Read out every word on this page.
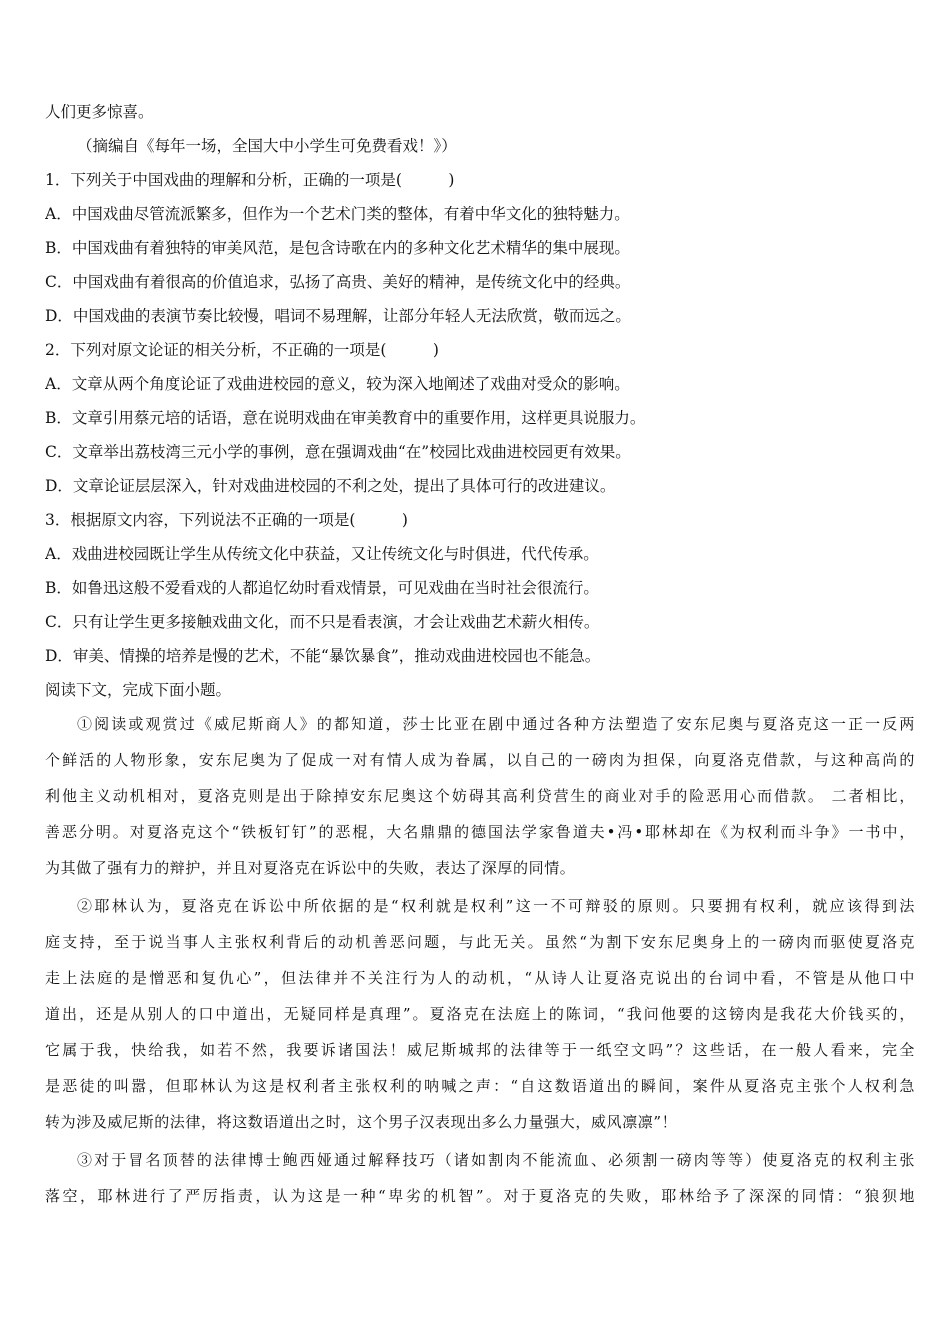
人们更多惊喜。
（摘编自《每年一场，全国大中小学生可免费看戏！》）
1．下列关于中国戏曲的理解和分析，正确的一项是(　　　)
A．中国戏曲尽管流派繁多，但作为一个艺术门类的整体，有着中华文化的独特魅力。
B．中国戏曲有着独特的审美风范，是包含诗歌在内的多种文化艺术精华的集中展现。
C．中国戏曲有着很高的价值追求，弘扬了高贵、美好的精神，是传统文化中的经典。
D．中国戏曲的表演节奏比较慢，唱词不易理解，让部分年轻人无法欣赏，敬而远之。
2．下列对原文论证的相关分析，不正确的一项是(　　　)
A．文章从两个角度论证了戏曲进校园的意义，较为深入地阐述了戏曲对受众的影响。
B．文章引用蔡元培的话语，意在说明戏曲在审美教育中的重要作用，这样更具说服力。
C．文章举出荔枝湾三元小学的事例，意在强调戏曲“在”校园比戏曲进校园更有效果。
D．文章论证层层深入，针对戏曲进校园的不利之处，提出了具体可行的改进建议。
3．根据原文内容，下列说法不正确的一项是(　　　)
A．戏曲进校园既让学生从传统文化中获益，又让传统文化与时俱进，代代传承。
B．如鲁迅这般不爱看戏的人都追忆幼时看戏情景，可见戏曲在当时社会很流行。
C．只有让学生更多接触戏曲文化，而不只是看表演，才会让戏曲艺术薪火相传。
D．审美、情操的培养是慢的艺术，不能“暴饮暴食”，推动戏曲进校园也不能急。
阅读下文，完成下面小题。
①阅读或观赏过《威尼斯商人》的都知道，莎士比亚在剧中通过各种方法塑造了安东尼奥与夏洛克这一正一反两
个鲜活的人物形象，安东尼奥为了促成一对有情人成为眷属，以自己的一磅肉为担保，向夏洛克借款，与这种高尚的
利他主义动机相对，夏洛克则是出于除掉安东尼奥这个妨碍其高利贷营生的商业对手的险恶用心而借款。 二者相比，
善恶分明。对夏洛克这个“铁板钉钉”的恶棍，大名鼎鼎的德国法学家鲁道夫•冯•耶林却在《为权利而斗争》一书中，
为其做了强有力的辩护，并且对夏洛克在诉讼中的失败，表达了深厚的同情。
②耶林认为，夏洛克在诉讼中所依据的是“权利就是权利”这一不可辩驳的原则。只要拥有权利，就应该得到法
庭支持，至于说当事人主张权利背后的动机善恶问题，与此无关。虽然“为割下安东尼奥身上的一磅肉而驱使夏洛克
走上法庭的是憎恶和复仇心”，但法律并不关注行为人的动机，“从诗人让夏洛克说出的台词中看，不管是从他口中
道出，还是从别人的口中道出，无疑同样是真理”。夏洛克在法庭上的陈词，“我问他要的这镑肉是我花大价钱买的，
它属于我，快给我，如若不然，我要诉诸国法！威尼斯城邦的法律等于一纸空文吗”？这些话，在一般人看来，完全
是恶徒的叫嚣，但耶林认为这是权利者主张权利的呐喊之声：“自这数语道出的瞬间，案件从夏洛克主张个人权利急
转为涉及威尼斯的法律，将这数语道出之时，这个男子汉表现出多么力量强大，威风凛凛”！
③对于冒名顶替的法律博士鲍西娅通过解释技巧（诸如割肉不能流血、必须割一磅肉等等）使夏洛克的权利主张
落空，耶林进行了严厉指责，认为这是一种“卑劣的机智”。对于夏洛克的失败，耶林给予了深深的同情：“狼狈地
